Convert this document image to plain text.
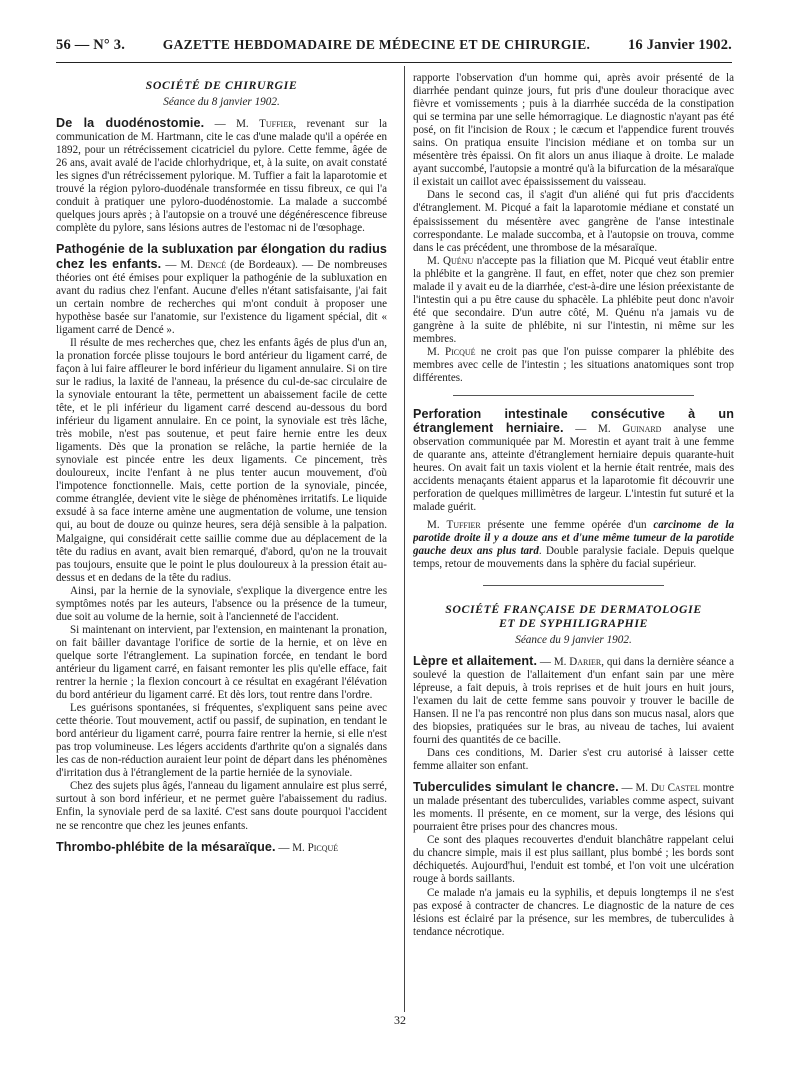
56 — N° 3.	GAZETTE HEBDOMADAIRE DE MÉDECINE ET DE CHIRURGIE.	16 Janvier 1902.
SOCIÉTÉ DE CHIRURGIE
Séance du 8 janvier 1902.

De la duodénostomie. — M. Tuffier, revenant sur la communication de M. Hartmann, cite le cas d'une malade qu'il a opérée en 1892, pour un rétrécissement cicatriciel du pylore. Cette femme, âgée de 26 ans, avait avalé de l'acide chlorhydrique, et, à la suite, on avait constaté les signes d'un rétrécissement pylorique. M. Tuffier a fait la laparotomie et trouvé la région pyloro-duodénale transformée en tissu fibreux, ce qui l'a conduit à pratiquer une pyloro-duodénostomie. La malade a succombé quelques jours après ; à l'autopsie on a trouvé une dégénérescence fibreuse complète du pylore, sans lésions autres de l'estomac ni de l'œsophage.

Pathogénie de la subluxation par élongation du radius chez les enfants. — M. Dencé (de Bordeaux). — De nombreuses théories ont été émises pour expliquer la pathogénie de la subluxation en avant du radius chez l'enfant. Aucune d'elles n'étant satisfaisante, j'ai fait un certain nombre de recherches qui m'ont conduit à proposer une hypothèse basée sur l'anatomie, sur l'existence du ligament spécial, dit « ligament carré de Dencé ».

Il résulte de mes recherches que, chez les enfants âgés de plus d'un an, la pronation forcée plisse toujours le bord antérieur du ligament carré, de façon à lui faire affleurer le bord inférieur du ligament annulaire. Si on tire sur le radius, la laxité de l'anneau, la présence du cul-de-sac circulaire de la synoviale entourant la tête, permettent un abaissement facile de cette tête, et le pli inférieur du ligament carré descend au-dessous du bord inférieur du ligament annulaire. En ce point, la synoviale est très lâche, très mobile, n'est pas soutenue, et peut faire hernie entre les deux ligaments. Dès que la pronation se relâche, la partie herniée de la synoviale est pincée entre les deux ligaments. Ce pincement, très douloureux, incite l'enfant à ne plus tenter aucun mouvement, d'où l'impotence fonctionnelle. Mais, cette portion de la synoviale, pincée, comme étranglée, devient vite le siège de phénomènes irritatifs. Le liquide exsudé à sa face interne amène une augmentation de volume, une tension qui, au bout de douze ou quinze heures, sera déjà sensible à la palpation. Malgaigne, qui considérait cette saillie comme due au déplacement de la tête du radius en avant, avait bien remarqué, d'abord, qu'on ne la trouvait pas toujours, ensuite que le point le plus douloureux à la pression était au-dessus et en dedans de la tête du radius.

Ainsi, par la hernie de la synoviale, s'explique la divergence entre les symptômes notés par les auteurs, l'absence ou la présence de la tumeur, due soit au volume de la hernie, soit à l'ancienneté de l'accident.

Si maintenant on intervient, par l'extension, en maintenant la pronation, on fait bâiller davantage l'orifice de sortie de la hernie, et on lève en quelque sorte l'étranglement. La supination forcée, en tendant le bord antérieur du ligament carré, en faisant remonter les plis qu'elle efface, fait rentrer la hernie ; la flexion concourt à ce résultat en exagérant l'élévation du bord antérieur du ligament carré. Et dès lors, tout rentre dans l'ordre.

Les guérisons spontanées, si fréquentes, s'expliquent sans peine avec cette théorie. Tout mouvement, actif ou passif, de supination, en tendant le bord antérieur du ligament carré, pourra faire rentrer la hernie, si elle n'est pas trop volumineuse. Les légers accidents d'arthrite qu'on a signalés dans les cas de non-réduction auraient leur point de départ dans les phénomènes d'irritation dus à l'étranglement de la partie herniée de la synoviale.

Chez des sujets plus âgés, l'anneau du ligament annulaire est plus serré, surtout à son bord inférieur, et ne permet guère l'abaissement du radius. Enfin, la synoviale perd de sa laxité. C'est sans doute pourquoi l'accident ne se rencontre que chez les jeunes enfants.

Thrombo-phlébite de la mésaraïque. — M. Picqué

rapporte l'observation d'un homme qui, après avoir présenté de la diarrhée pendant quinze jours, fut pris d'une douleur thoracique avec fièvre et vomissements ; puis à la diarrhée succéda de la constipation qui se termina par une selle hémorragique. Le diagnostic n'ayant pas été posé, on fit l'incision de Roux ; le cæcum et l'appendice furent trouvés sains. On pratiqua ensuite l'incision médiane et on tomba sur un mésentère très épaissi. On fit alors un anus iliaque à droite. Le malade ayant succombé, l'autopsie a montré qu'à la bifurcation de la mésaraïque il existait un caillot avec épaississement du vaisseau.

Dans le second cas, il s'agit d'un aliéné qui fut pris d'accidents d'étranglement. M. Picqué a fait la laparotomie médiane et constaté un épaississement du mésentère avec gangrène de l'anse intestinale correspondante. Le malade succomba, et à l'autopsie on trouva, comme dans le cas précédent, une thrombose de la mésaraïque.

M. Quénu n'accepte pas la filiation que M. Picqué veut établir entre la phlébite et la gangrène. Il faut, en effet, noter que chez son premier malade il y avait eu de la diarrhée, c'est-à-dire une lésion préexistante de l'intestin qui a pu être cause du sphacèle. La phlébite peut donc n'avoir été que secondaire. D'un autre côté, M. Quénu n'a jamais vu de gangrène à la suite de phlébite, ni sur l'intestin, ni même sur les membres.

M. Picqué ne croit pas que l'on puisse comparer la phlébite des membres avec celle de l'intestin ; les situations anatomiques sont trop différentes.

Perforation intestinale consécutive à un étranglement herniaire. — M. Guinard analyse une observation communiquée par M. Morestin et ayant trait à une femme de quarante ans, atteinte d'étranglement herniaire depuis quarante-huit heures. On avait fait un taxis violent et la hernie était rentrée, mais des accidents menaçants étaient apparus et la laparotomie fit découvrir une perforation de quelques millimètres de largeur. L'intestin fut suturé et la malade guérit.

M. Tuffier présente une femme opérée d'un carcinome de la parotide droite il y a douze ans et d'une même tumeur de la parotide gauche deux ans plus tard. Double paralysie faciale. Depuis quelque temps, retour de mouvements dans la sphère du facial supérieur.

SOCIÉTÉ FRANÇAISE DE DERMATOLOGIE
ET DE SYPHILIGRAPHIE
Séance du 9 janvier 1902.

Lèpre et allaitement. — M. Darier, qui dans la dernière séance a soulevé la question de l'allaitement d'un enfant sain par une mère lépreuse, a fait depuis, à trois reprises et de huit jours en huit jours, l'examen du lait de cette femme sans pouvoir y trouver le bacille de Hansen. Il ne l'a pas rencontré non plus dans son mucus nasal, alors que des biopsies, pratiquées sur le bras, au niveau de taches, lui avaient fourni des quantités de ce bacille.

Dans ces conditions, M. Darier s'est cru autorisé à laisser cette femme allaiter son enfant.

Tuberculides simulant le chancre. — M. Du Castel montre un malade présentant des tuberculides, variables comme aspect, suivant les moments. Il présente, en ce moment, sur la verge, des lésions qui pourraient être prises pour des chancres mous.

Ce sont des plaques recouvertes d'enduit blanchâtre rappelant celui du chancre simple, mais il est plus saillant, plus bombé ; les bords sont déchiquetés. Aujourd'hui, l'enduit est tombé, et l'on voit une ulcération rouge à bords saillants.

Ce malade n'a jamais eu la syphilis, et depuis longtemps il ne s'est pas exposé à contracter de chancres. Le diagnostic de la nature de ces lésions est éclairé par la présence, sur les membres, de tuberculides à tendance nécrotique.

32
